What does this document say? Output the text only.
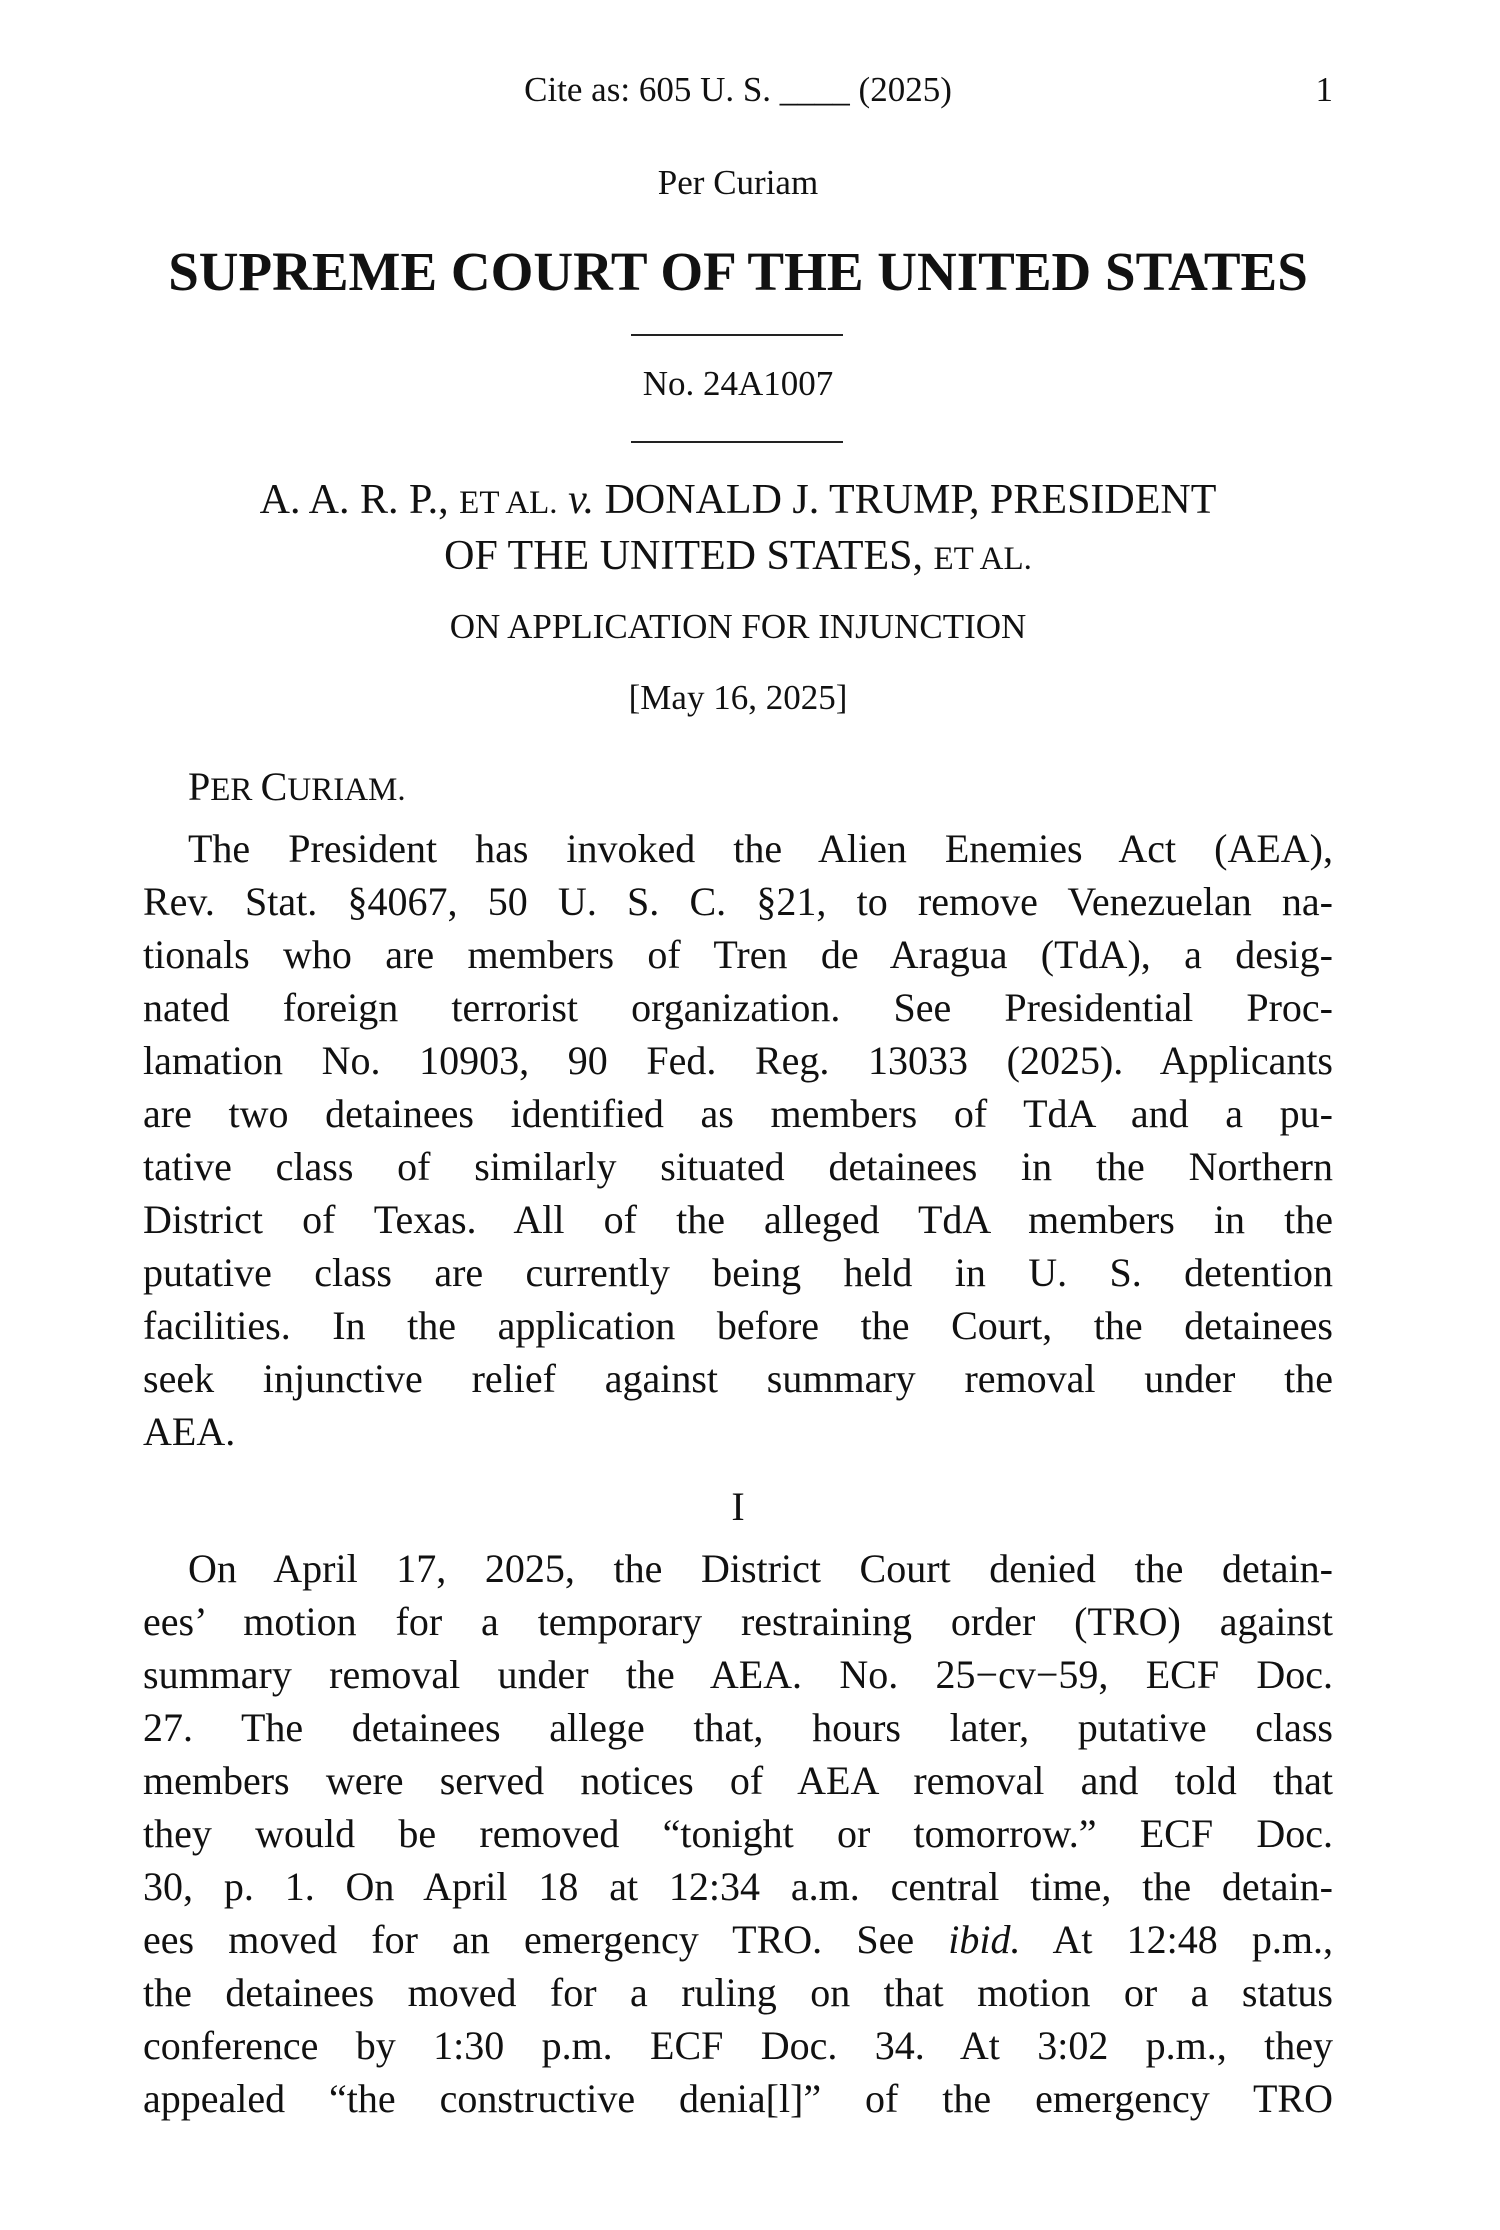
Cite as: 605 U. S. ____ (2025)	1
Per Curiam
SUPREME COURT OF THE UNITED STATES
No. 24A1007
A. A. R. P., ET AL. v. DONALD J. TRUMP, PRESIDENT
OF THE UNITED STATES, ET AL.
ON APPLICATION FOR INJUNCTION
[May 16, 2025]
PER CURIAM.
The President has invoked the Alien Enemies Act (AEA),
Rev. Stat. §4067, 50 U. S. C. §21, to remove Venezuelan na-
tionals who are members of Tren de Aragua (TdA), a desig-
nated foreign terrorist organization. See Presidential Proc-
lamation No. 10903, 90 Fed. Reg. 13033 (2025). Applicants
are two detainees identified as members of TdA and a pu-
tative class of similarly situated detainees in the Northern
District of Texas. All of the alleged TdA members in the
putative class are currently being held in U. S. detention
facilities. In the application before the Court, the detainees
seek injunctive relief against summary removal under the
AEA.
I
On April 17, 2025, the District Court denied the detain-
ees’ motion for a temporary restraining order (TRO) against
summary removal under the AEA. No. 25−cv−59, ECF Doc.
27. The detainees allege that, hours later, putative class
members were served notices of AEA removal and told that
they would be removed “tonight or tomorrow.” ECF Doc.
30, p. 1. On April 18 at 12:34 a.m. central time, the detain-
ees moved for an emergency TRO. See ibid. At 12:48 p.m.,
the detainees moved for a ruling on that motion or a status
conference by 1:30 p.m. ECF Doc. 34. At 3:02 p.m., they
appealed “the constructive denia[l]” of the emergency TRO
